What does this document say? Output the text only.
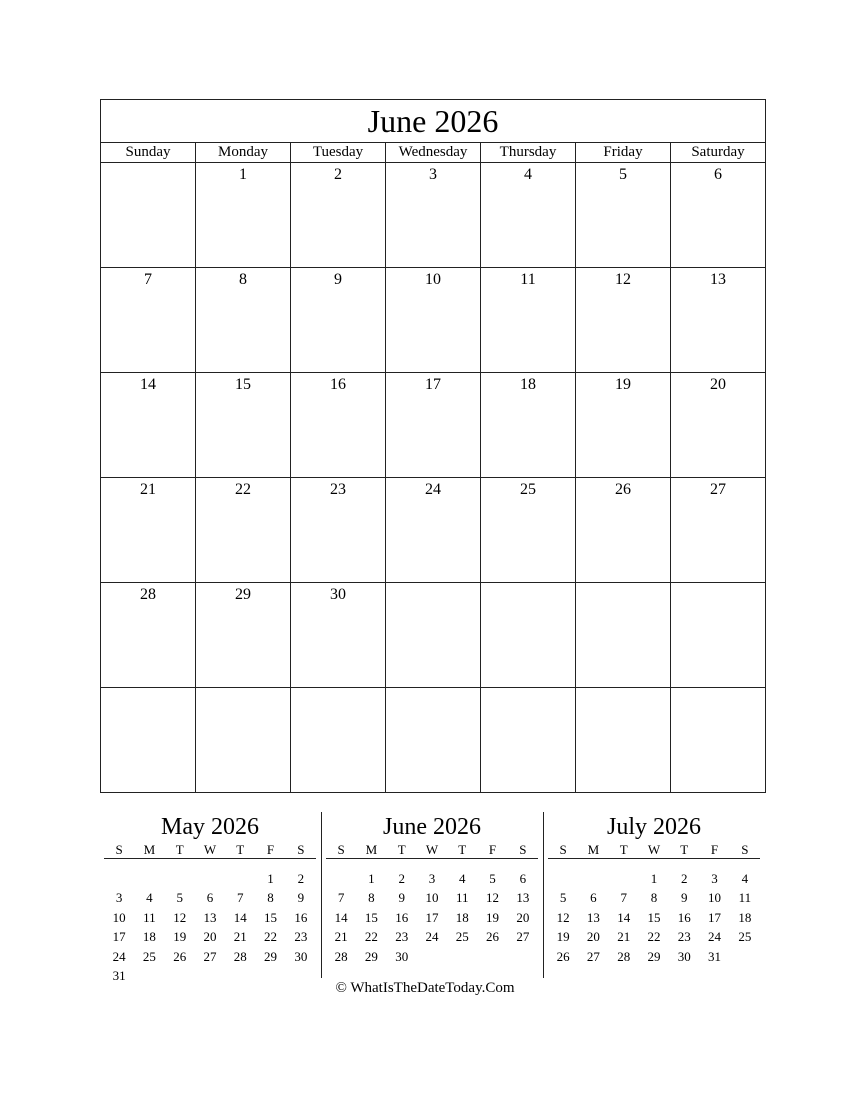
June 2026						
Sunday	Monday	Tuesday	Wednesday	Thursday	Friday	Saturday

	1	2	3	4	5	6

7	8	9	10	11	12	13

14	15	16	17	18	19	20

21	22	23	24	25	26	27

28	29	30				

May 2026
S	M	T	W	T	F	S

					1	2
3	4	5	6	7	8	9
10	11	12	13	14	15	16
17	18	19	20	21	22	23
24	25	26	27	28	29	30
31						
June 2026
S	M	T	W	T	F	S

	1	2	3	4	5	6
7	8	9	10	11	12	13
14	15	16	17	18	19	20
21	22	23	24	25	26	27
28	29	30				
July 2026
S	M	T	W	T	F	S

			1	2	3	4
5	6	7	8	9	10	11
12	13	14	15	16	17	18
19	20	21	22	23	24	25
26	27	28	29	30	31	
© WhatIsTheDateToday.Com
